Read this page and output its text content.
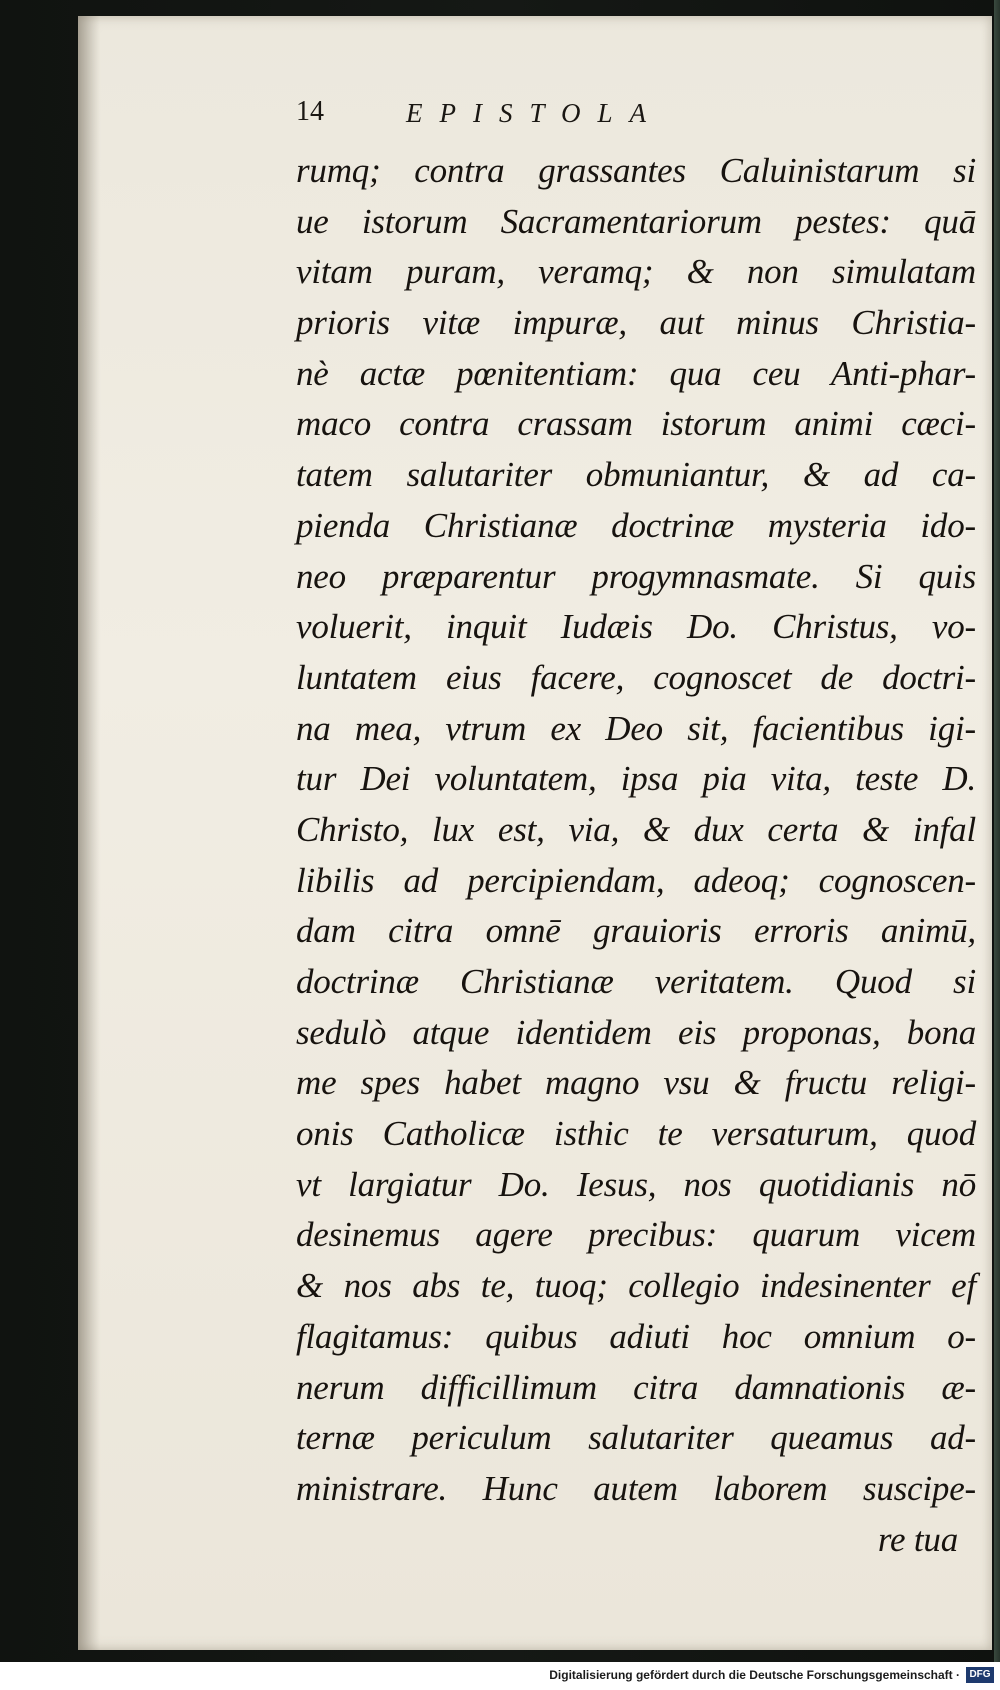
14	EPISTOLA
rumq; contra grassantes Caluinistarum si
ue istorum Sacramentariorum pestes: quā
vitam puram, veramq; & non simulatam
prioris vitæ impuræ, aut minus Christia-
nè actæ pœnitentiam: qua ceu Anti-phar-
maco contra crassam istorum animi cæci-
tatem salutariter obmuniantur, & ad ca-
pienda Christianæ doctrinæ mysteria ido-
neo præparentur progymnasmate. Si quis
voluerit, inquit Iudæis Do. Christus, vo-
luntatem eius facere, cognoscet de doctri-
na mea, vtrum ex Deo sit, facientibus igi-
tur Dei voluntatem, ipsa pia vita, teste D.
Christo, lux est, via, & dux certa & infal
libilis ad percipiendam, adeoq; cognoscen-
dam citra omnē grauioris erroris animū,
doctrinæ Christianæ veritatem. Quod si
sedulò atque identidem eis proponas, bona
me spes habet magno vsu & fructu religi-
onis Catholicæ isthic te versaturum, quod
vt largiatur Do. Iesus, nos quotidianis nō
desinemus agere precibus: quarum vicem
& nos abs te, tuoq; collegio indesinenter ef
flagitamus: quibus adiuti hoc omnium o-
nerum difficillimum citra damnationis æ-
ternæ periculum salutariter queamus ad-
ministrare. Hunc autem laborem suscipe-
re tua
Digitalisierung gefördert durch die Deutsche Forschungsgemeinschaft · DFG
